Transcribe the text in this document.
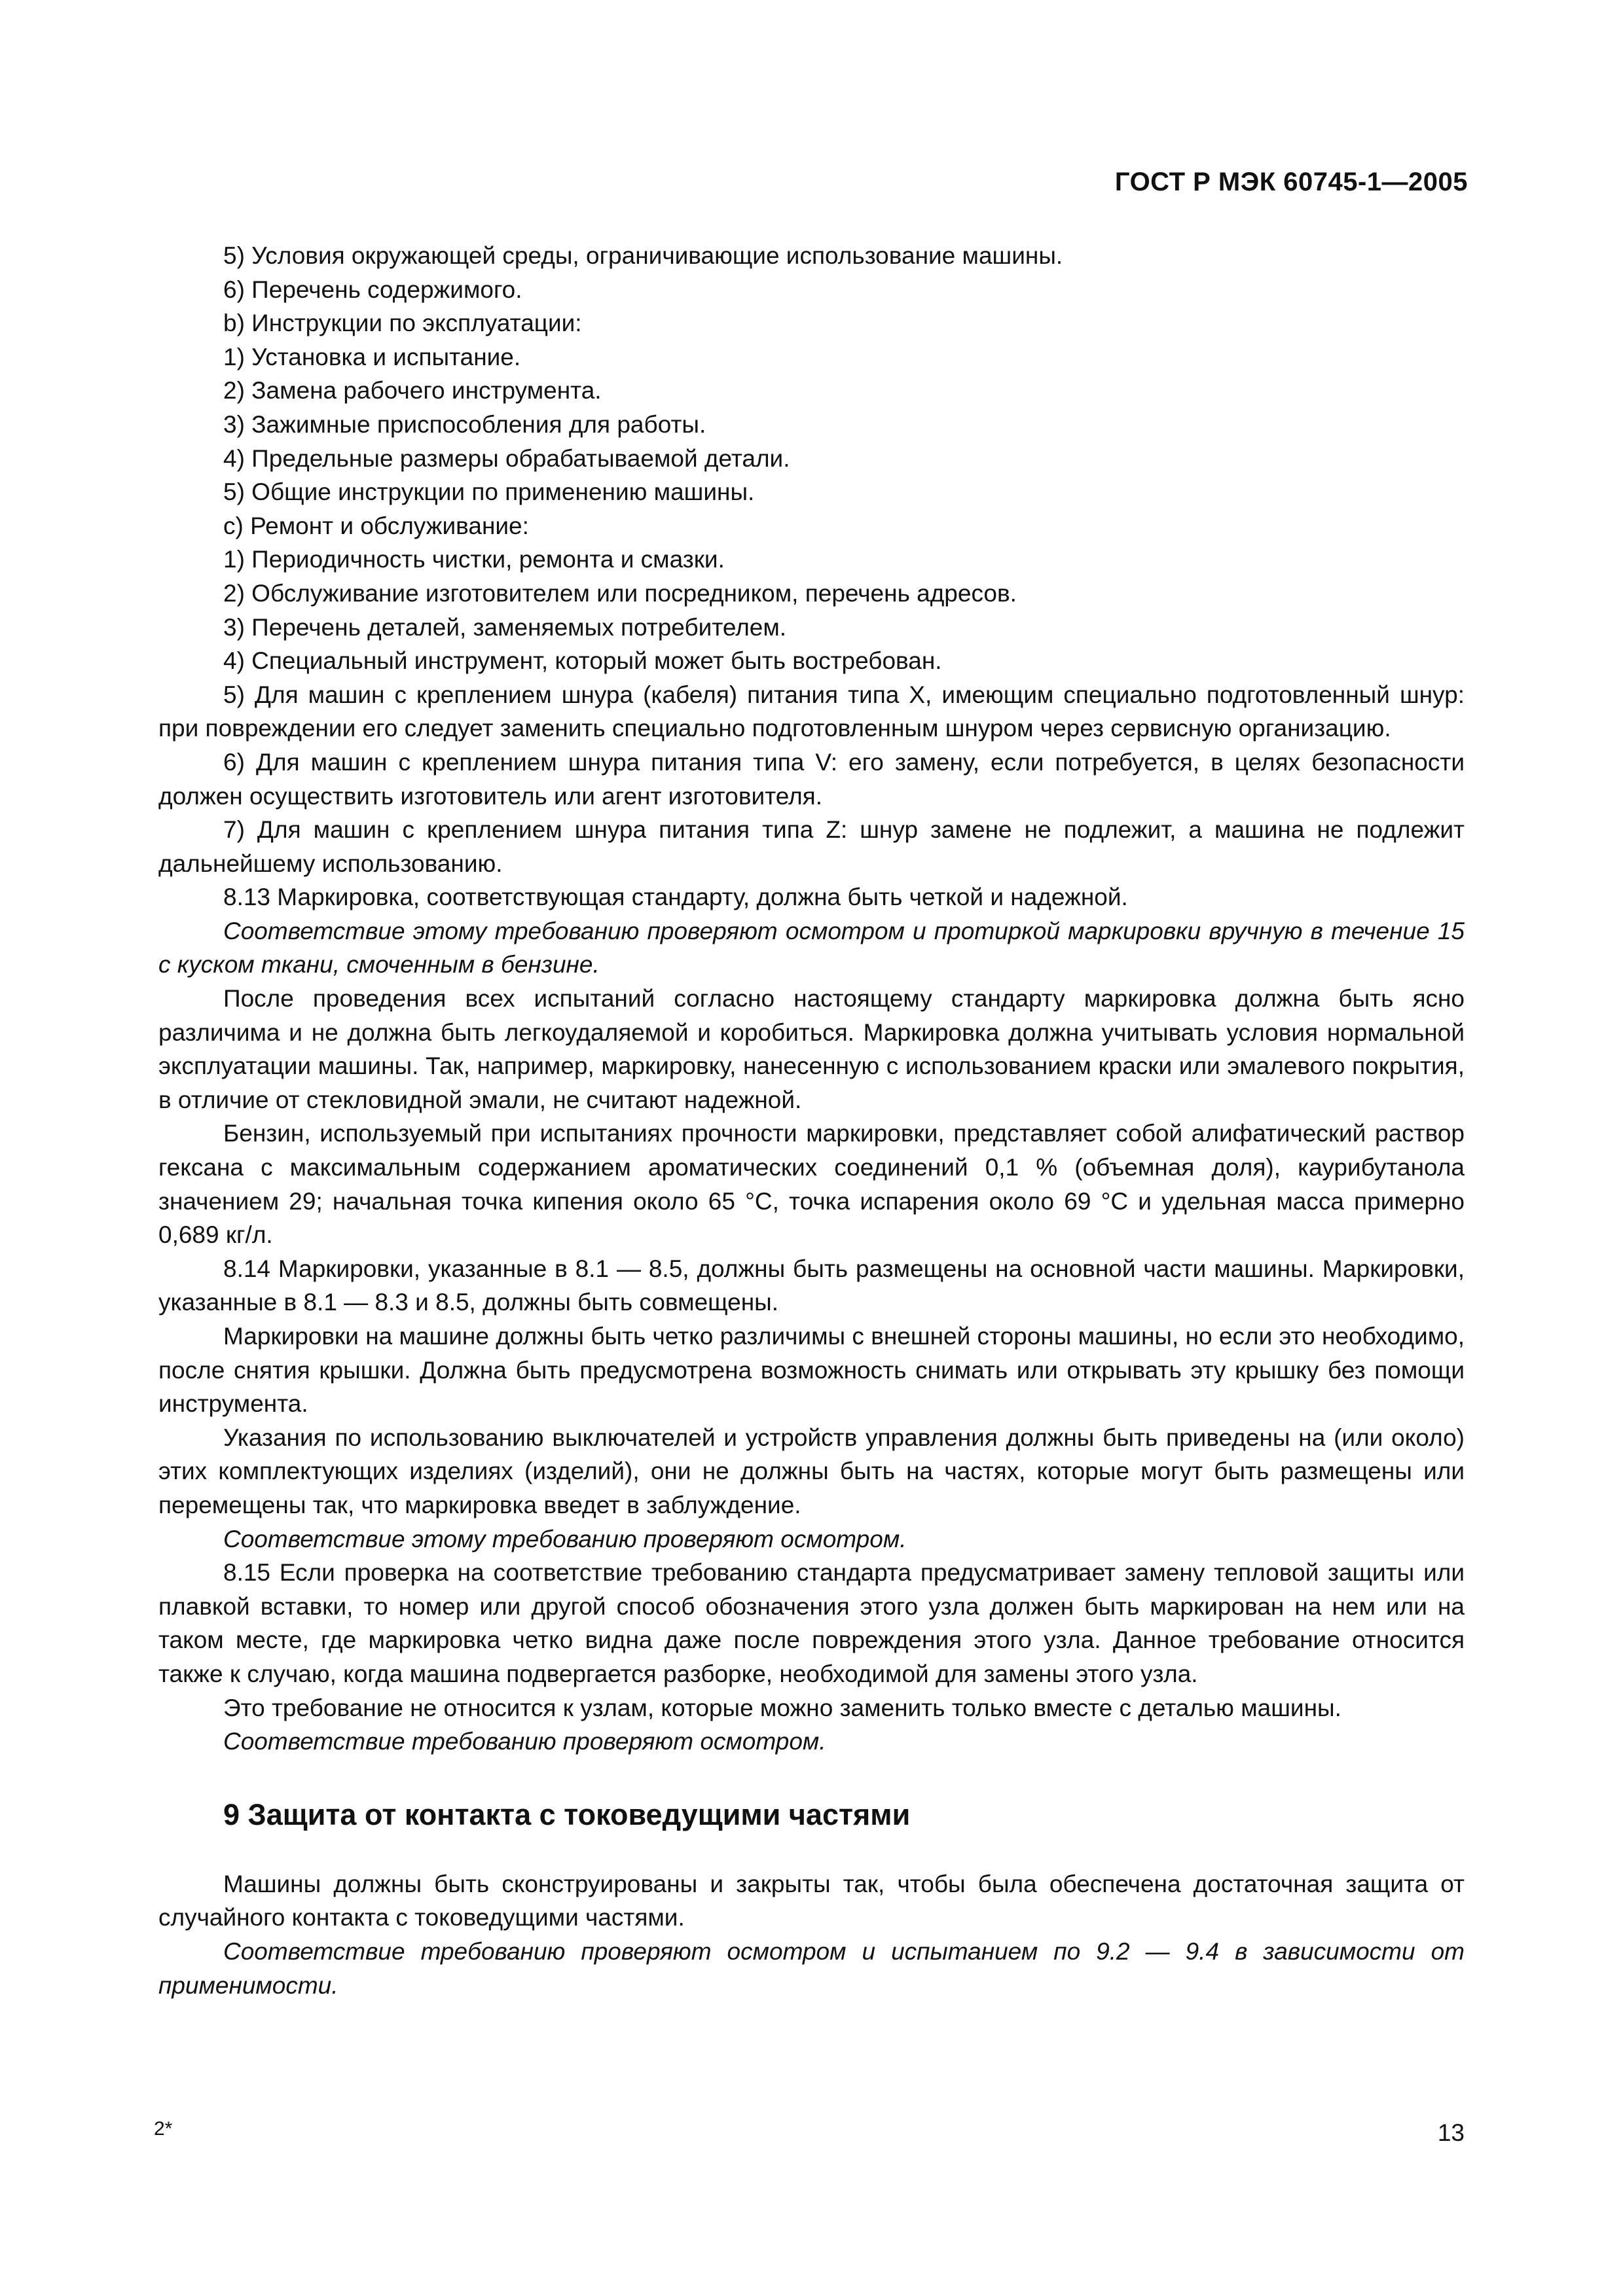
ГОСТ Р МЭК 60745-1—2005

5) Условия окружающей среды, ограничивающие использование машины.

6) Перечень содержимого.

b) Инструкции по эксплуатации:

1) Установка и испытание.

2) Замена рабочего инструмента.

3) Зажимные приспособления для работы.

4) Предельные размеры обрабатываемой детали.

5) Общие инструкции по применению машины.

c) Ремонт и обслуживание:

1) Периодичность чистки, ремонта и смазки.

2) Обслуживание изготовителем или посредником, перечень адресов.

3) Перечень деталей, заменяемых потребителем.

4) Специальный инструмент, который может быть востребован.

5) Для машин с креплением шнура (кабеля) питания типа X, имеющим специально подготовленный шнур: при повреждении его следует заменить специально подготовленным шнуром через сервисную организацию.

6) Для машин с креплением шнура питания типа V: его замену, если потребуется, в целях безопасности должен осуществить изготовитель или агент изготовителя.

7) Для машин с креплением шнура питания типа Z: шнур замене не подлежит, а машина не подлежит дальнейшему использованию.

8.13 Маркировка, соответствующая стандарту, должна быть четкой и надежной.

Соответствие этому требованию проверяют осмотром и протиркой маркировки вручную в течение 15 с куском ткани, смоченным в бензине.

После проведения всех испытаний согласно настоящему стандарту маркировка должна быть ясно различима и не должна быть легкоудаляемой и коробиться. Маркировка должна учитывать условия нормальной эксплуатации машины. Так, например, маркировку, нанесенную с использованием краски или эмалевого покрытия, в отличие от стекловидной эмали, не считают надежной.

Бензин, используемый при испытаниях прочности маркировки, представляет собой алифатический раствор гексана с максимальным содержанием ароматических соединений 0,1 % (объемная доля), каурибутанола значением 29; начальная точка кипения около 65 °C, точка испарения около 69 °C и удельная масса примерно 0,689 кг/л.

8.14 Маркировки, указанные в 8.1 — 8.5, должны быть размещены на основной части машины. Маркировки, указанные в 8.1 — 8.3 и 8.5, должны быть совмещены.

Маркировки на машине должны быть четко различимы с внешней стороны машины, но если это необходимо, после снятия крышки. Должна быть предусмотрена возможность снимать или открывать эту крышку без помощи инструмента.

Указания по использованию выключателей и устройств управления должны быть приведены на (или около) этих комплектующих изделиях (изделий), они не должны быть на частях, которые могут быть размещены или перемещены так, что маркировка введет в заблуждение.

Соответствие этому требованию проверяют осмотром.

8.15 Если проверка на соответствие требованию стандарта предусматривает замену тепловой защиты или плавкой вставки, то номер или другой способ обозначения этого узла должен быть маркирован на нем или на таком месте, где маркировка четко видна даже после повреждения этого узла. Данное требование относится также к случаю, когда машина подвергается разборке, необходимой для замены этого узла.

Это требование не относится к узлам, которые можно заменить только вместе с деталью машины.

Соответствие требованию проверяют осмотром.

9 Защита от контакта с токоведущими частями

Машины должны быть сконструированы и закрыты так, чтобы была обеспечена достаточная защита от случайного контакта с токоведущими частями.

Соответствие требованию проверяют осмотром и испытанием по 9.2 — 9.4 в зависимости от применимости.

2*	13
